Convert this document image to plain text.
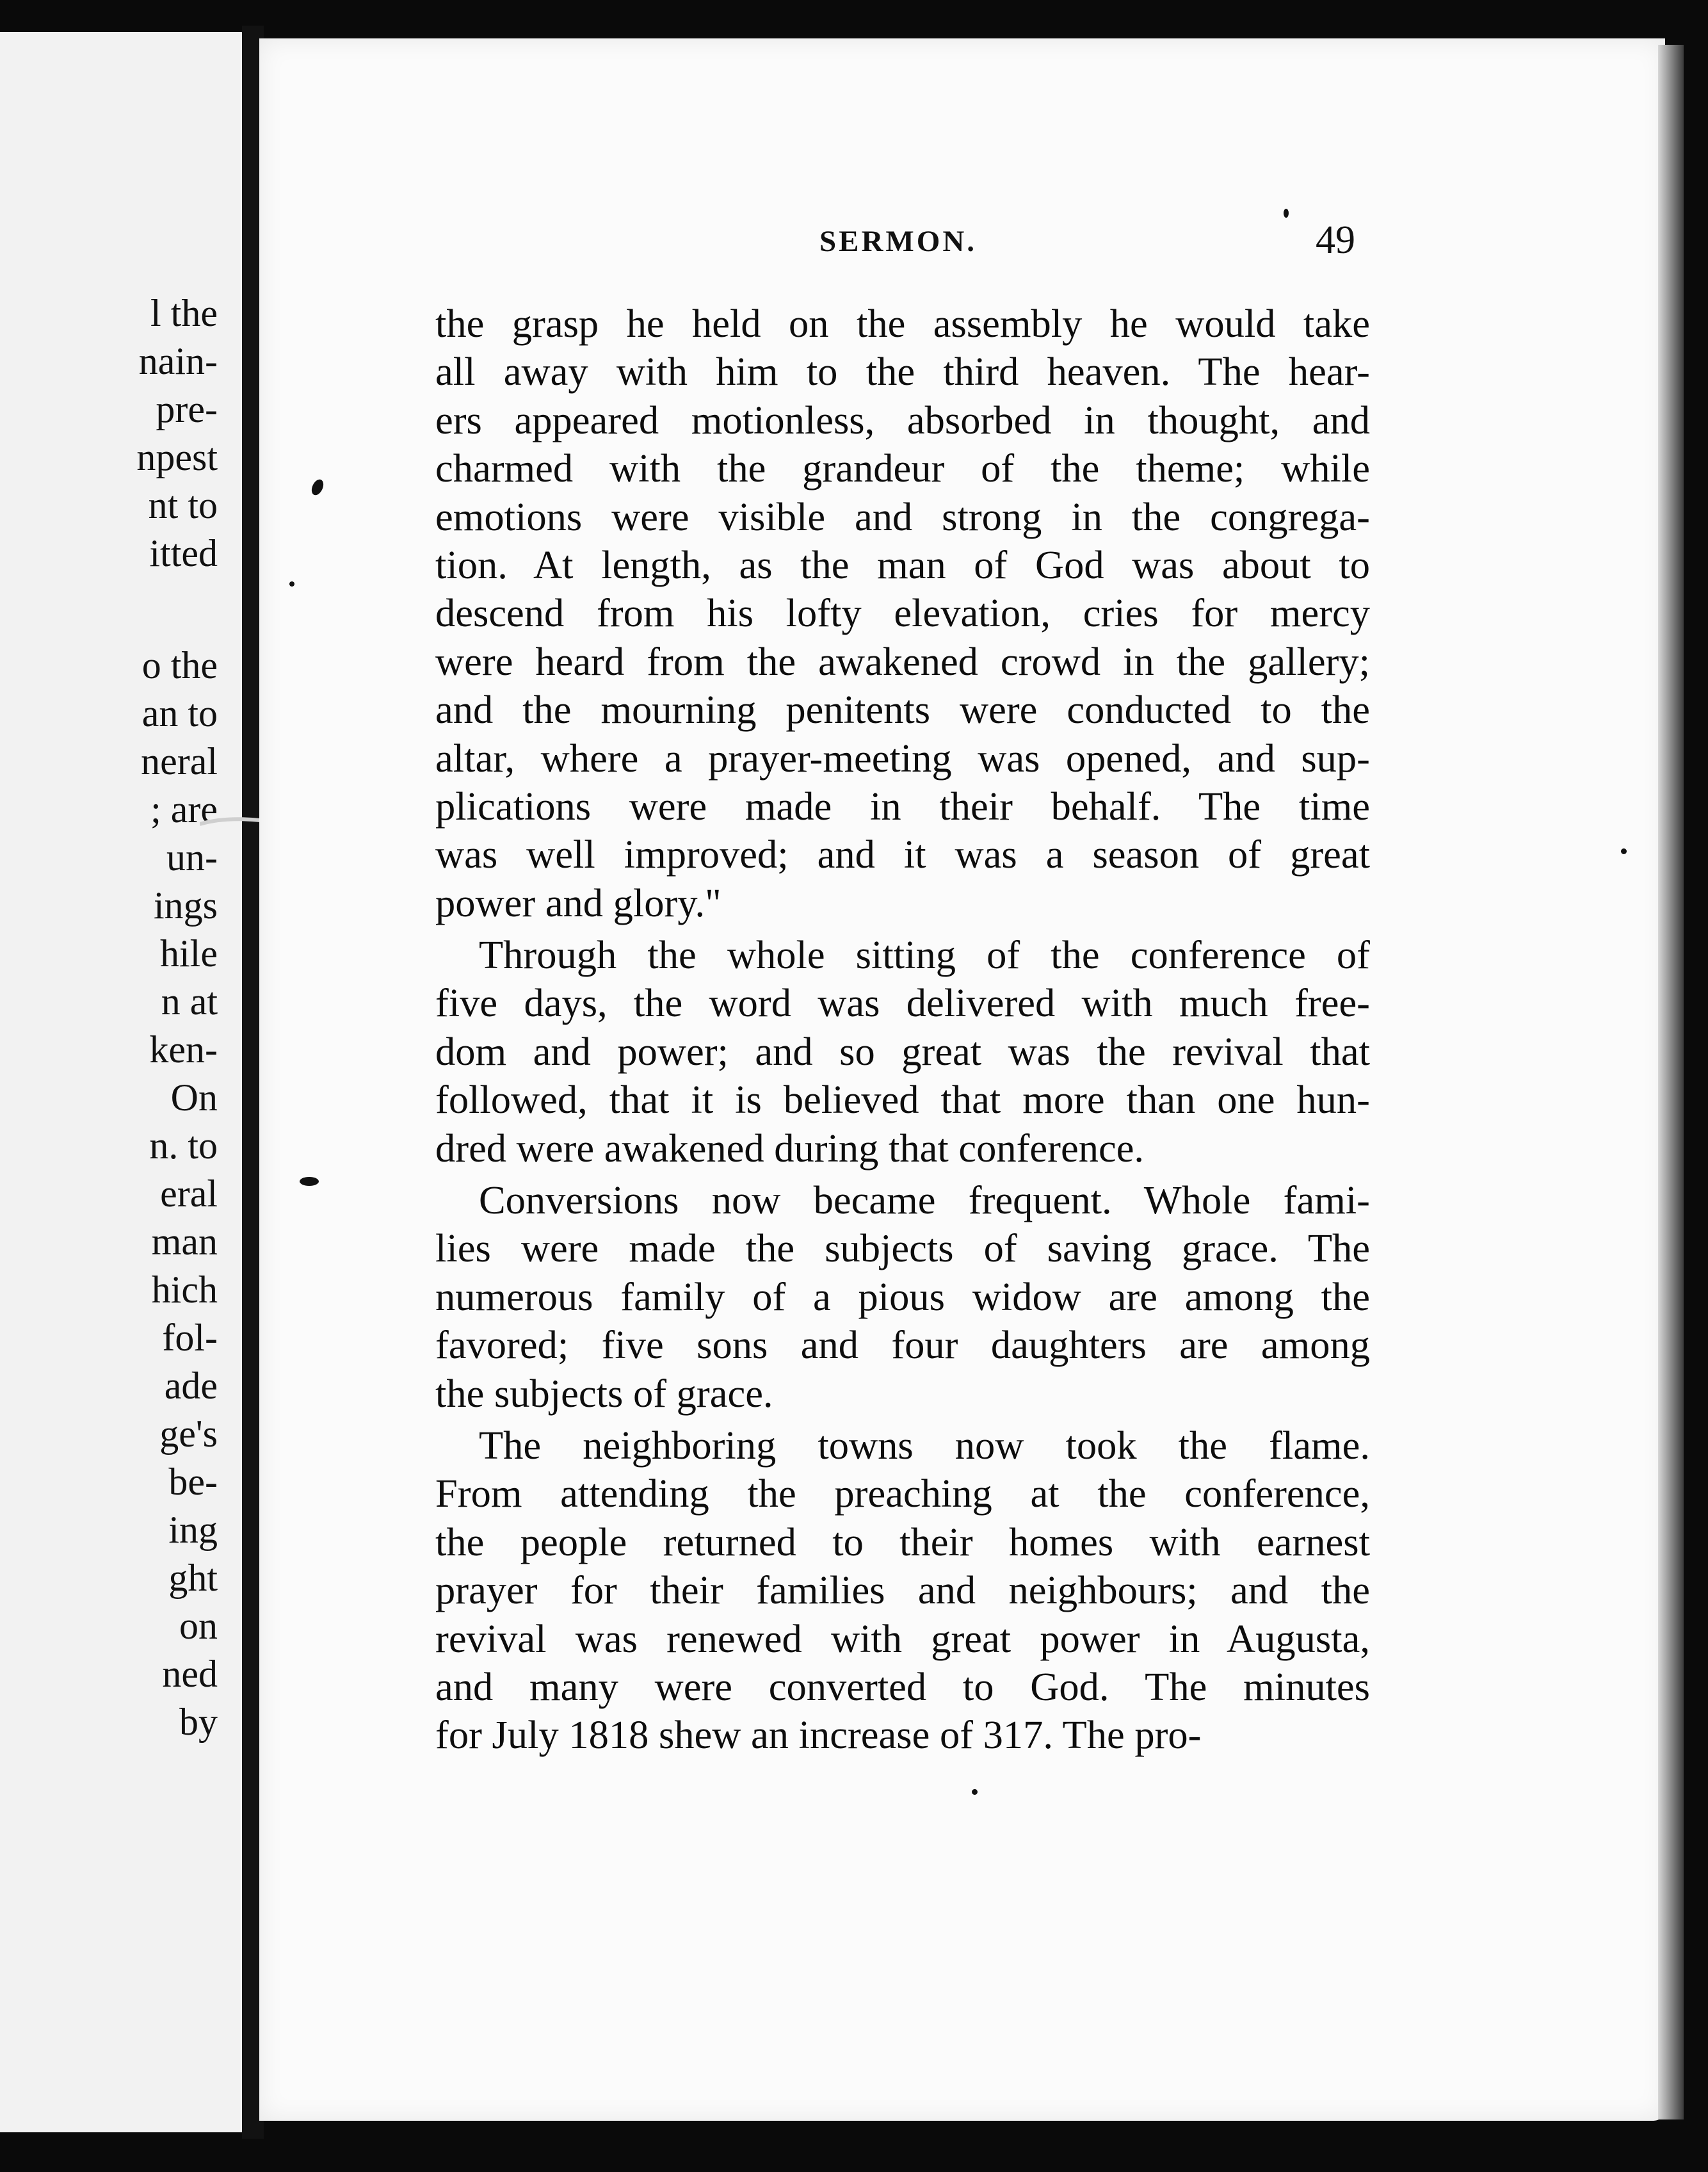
l the
nain-
pre-
npest
nt to
itted
o the
an to
neral
; are
un-
ings
hile
n at
ken-
On
n. to
eral
man
hich
fol-
ade
ge's
be-
ing
ght
on
ned
by
SERMON.	49
the grasp he held on the assembly he would take
all away with him to the third heaven. The hear-
ers appeared motionless, absorbed in thought, and
charmed with the grandeur of the theme; while
emotions were visible and strong in the congrega-
tion. At length, as the man of God was about to
descend from his lofty elevation, cries for mercy
were heard from the awakened crowd in the gallery;
and the mourning penitents were conducted to the
altar, where a prayer-meeting was opened, and sup-
plications were made in their behalf. The time
was well improved; and it was a season of great
power and glory."
Through the whole sitting of the conference of
five days, the word was delivered with much free-
dom and power; and so great was the revival that
followed, that it is believed that more than one hun-
dred were awakened during that conference.
Conversions now became frequent. Whole fami-
lies were made the subjects of saving grace. The
numerous family of a pious widow are among the
favored; five sons and four daughters are among
the subjects of grace.
The neighboring towns now took the flame.
From attending the preaching at the conference,
the people returned to their homes with earnest
prayer for their families and neighbours; and the
revival was renewed with great power in Augusta,
and many were converted to God. The minutes
for July 1818 shew an increase of 317. The pro-
